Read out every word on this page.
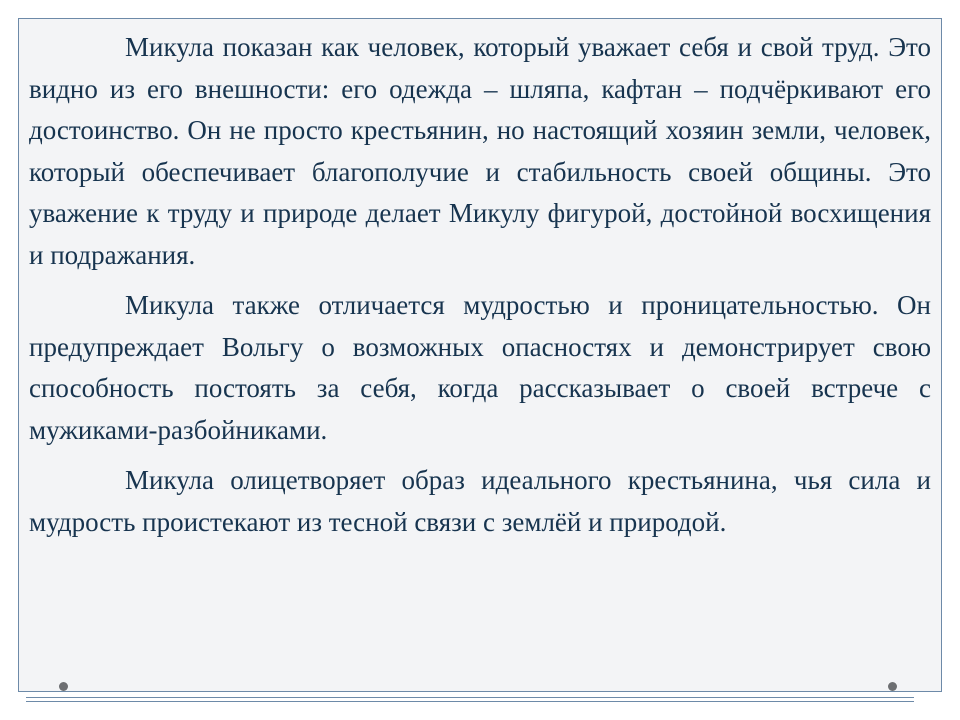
Микула показан как человек, который уважает себя и свой труд. Это видно из его внешности: его одежда – шляпа, кафтан – подчёркивают его достоинство. Он не просто крестьянин, но настоящий хозяин земли, человек, который обеспечивает благополучие и стабильность своей общины. Это уважение к труду и природе делает Микулу фигурой, достойной восхищения и подражания.

Микула также отличается мудростью и проницательностью. Он предупреждает Вольгу о возможных опасностях и демонстрирует свою способность постоять за себя, когда рассказывает о своей встрече с мужиками-разбойниками.

Микула олицетворяет образ идеального крестьянина, чья сила и мудрость проистекают из тесной связи с землёй и природой.
